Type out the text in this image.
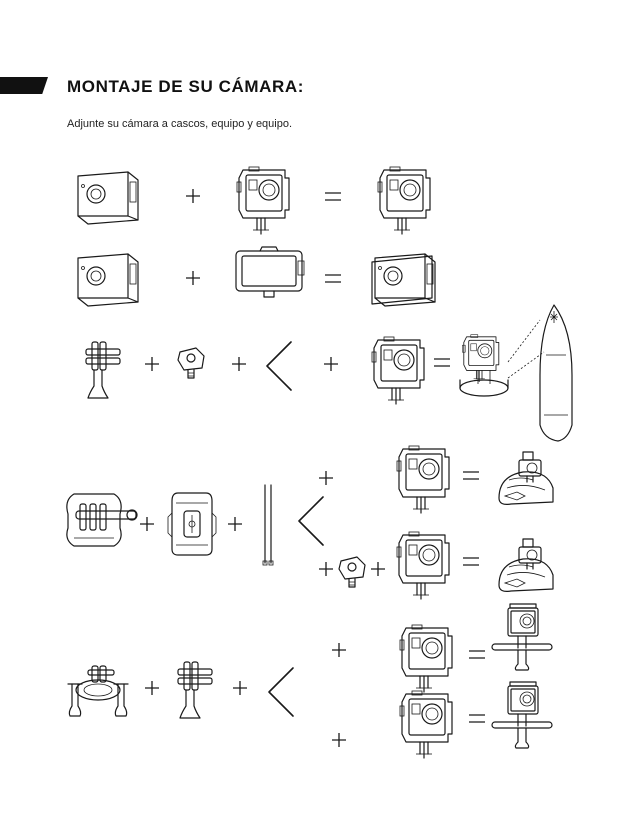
MONTAJE DE SU CÁMARA:

Adjunte su cámara a cascos, equipo y equipo.
